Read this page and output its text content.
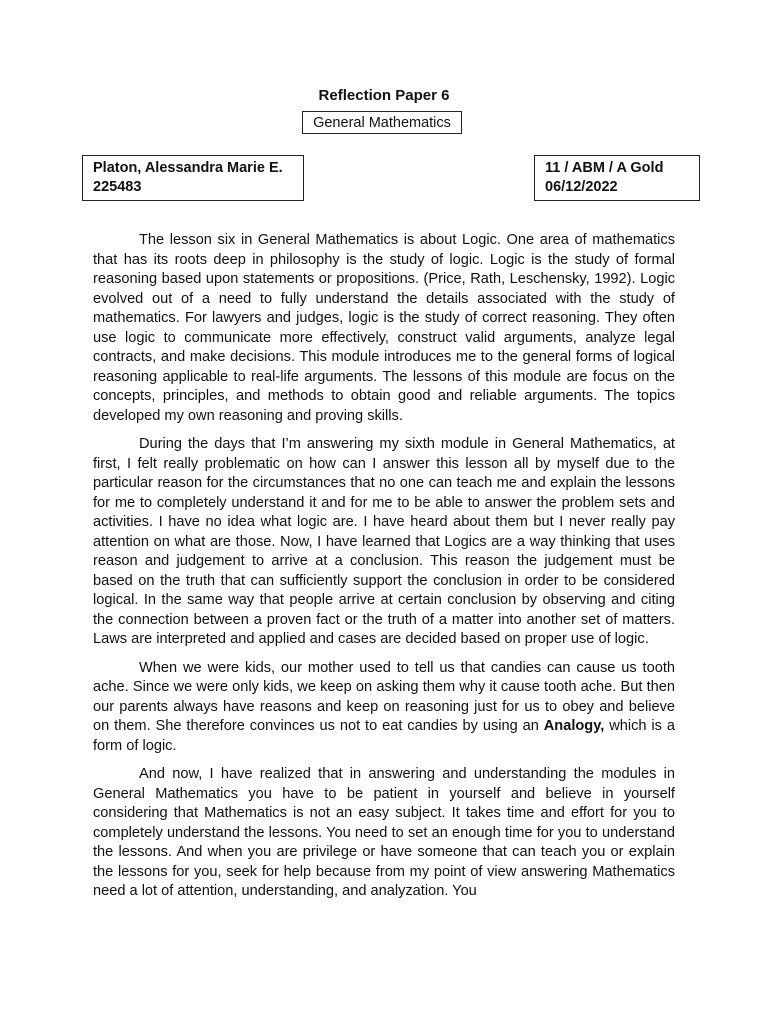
Reflection Paper 6
General Mathematics
Platon, Alessandra Marie E.
225483
11 / ABM / A Gold
06/12/2022

The lesson six in General Mathematics is about Logic. One area of mathematics that has its roots deep in philosophy is the study of logic. Logic is the study of formal reasoning based upon statements or propositions. (Price, Rath, Leschensky, 1992). Logic evolved out of a need to fully understand the details associated with the study of mathematics. For lawyers and judges, logic is the study of correct reasoning. They often use logic to communicate more effectively, construct valid arguments, analyze legal contracts, and make decisions. This module introduces me to the general forms of logical reasoning applicable to real-life arguments. The lessons of this module are focus on the concepts, principles, and methods to obtain good and reliable arguments. The topics developed my own reasoning and proving skills.

During the days that I’m answering my sixth module in General Mathematics, at first, I felt really problematic on how can I answer this lesson all by myself due to the particular reason for the circumstances that no one can teach me and explain the lessons for me to completely understand it and for me to be able to answer the problem sets and activities. I have no idea what logic are. I have heard about them but I never really pay attention on what are those. Now, I have learned that Logics are a way thinking that uses reason and judgement to arrive at a conclusion. This reason the judgement must be based on the truth that can sufficiently support the conclusion in order to be considered logical. In the same way that people arrive at certain conclusion by observing and citing the connection between a proven fact or the truth of a matter into another set of matters. Laws are interpreted and applied and cases are decided based on proper use of logic.

When we were kids, our mother used to tell us that candies can cause us tooth ache. Since we were only kids, we keep on asking them why it cause tooth ache. But then our parents always have reasons and keep on reasoning just for us to obey and believe on them. She therefore convinces us not to eat candies by using an Analogy, which is a form of logic.

And now, I have realized that in answering and understanding the modules in General Mathematics you have to be patient in yourself and believe in yourself considering that Mathematics is not an easy subject. It takes time and effort for you to completely understand the lessons. You need to set an enough time for you to understand the lessons. And when you are privilege or have someone that can teach you or explain the lessons for you, seek for help because from my point of view answering Mathematics need a lot of attention, understanding, and analyzation. You
